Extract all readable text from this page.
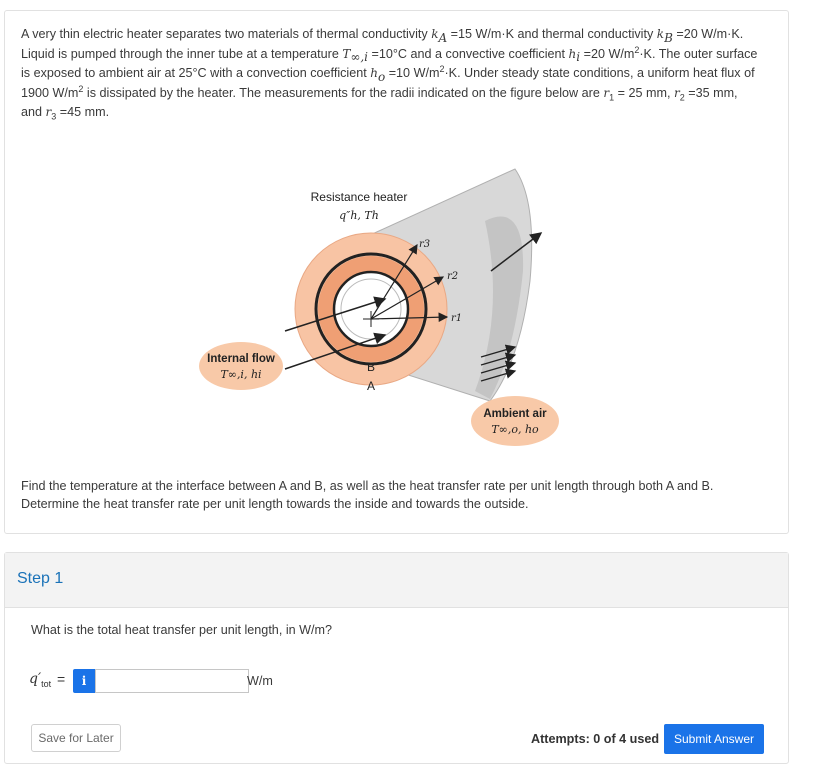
A very thin electric heater separates two materials of thermal conductivity $k_A =15$ W/m·K and thermal conductivity $k_B =20$ W/m·K. Liquid is pumped through the inner tube at a temperature $T_{\infty,i} =10^\circ C$ and a convective coefficient $h_i =20$ $W/m^2\cdot K$. The outer surface is exposed to ambient air at 25°C with a convection coefficient $h_o =10$ $W/m^2\cdot K$. Under steady state conditions, a uniform heat flux of 1900 $W/m^2$ is dissipated by the heater. The measurements for the radii indicated on the figure below are $r_1 = 25$ mm, $r_2 =35$ mm, and $r_3 =45$ mm.
Resistance heater
q″h, Th
r3
r2
r1
B
A
Internal flow
T∞,i, hi
Ambient air
T∞,o, ho
Find the temperature at the interface between A and B, as well as the heat transfer rate per unit length through both A and B. Determine the heat transfer rate per unit length towards the inside and towards the outside.
Step 1
What is the total heat transfer per unit length, in W/m?
$q'_{tot}$ =	i	W/m
Save for Later	Attempts: 0 of 4 used	Submit Answer
